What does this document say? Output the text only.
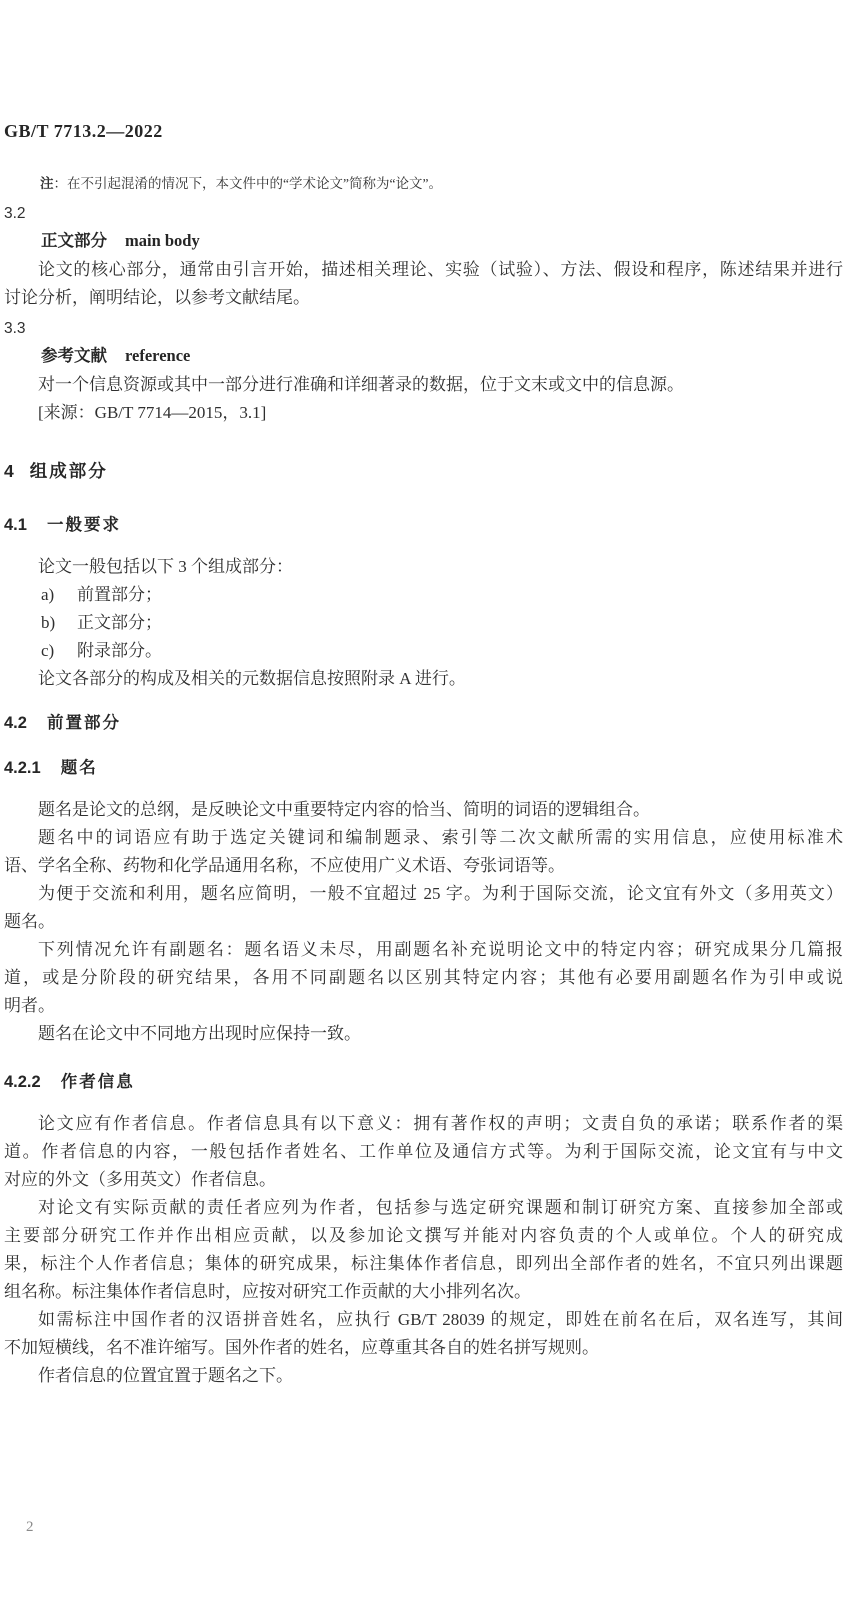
GB/T 7713.2—2022
注：在不引起混淆的情况下，本文件中的“学术论文”简称为“论文”。
3.2
正文部分 main body
论文的核心部分，通常由引言开始，描述相关理论、实验（试验）、方法、假设和程序，陈述结果并进行
讨论分析，阐明结论，以参考文献结尾。
3.3
参考文献 reference
对一个信息资源或其中一部分进行准确和详细著录的数据，位于文末或文中的信息源。
[来源：GB/T 7714—2015，3.1]
4 组成部分
4.1 一般要求
论文一般包括以下 3 个组成部分：
a) 前置部分；
b) 正文部分；
c) 附录部分。
论文各部分的构成及相关的元数据信息按照附录 A 进行。
4.2 前置部分
4.2.1 题名
题名是论文的总纲，是反映论文中重要特定内容的恰当、简明的词语的逻辑组合。
题名中的词语应有助于选定关键词和编制题录、索引等二次文献所需的实用信息，应使用标准术
语、学名全称、药物和化学品通用名称，不应使用广义术语、夸张词语等。
为便于交流和利用，题名应简明，一般不宜超过 25 字。为利于国际交流，论文宜有外文（多用英文）
题名。
下列情况允许有副题名：题名语义未尽，用副题名补充说明论文中的特定内容；研究成果分几篇报
道，或是分阶段的研究结果，各用不同副题名以区别其特定内容；其他有必要用副题名作为引申或说
明者。
题名在论文中不同地方出现时应保持一致。
4.2.2 作者信息
论文应有作者信息。作者信息具有以下意义：拥有著作权的声明；文责自负的承诺；联系作者的渠
道。作者信息的内容，一般包括作者姓名、工作单位及通信方式等。为利于国际交流，论文宜有与中文
对应的外文（多用英文）作者信息。
对论文有实际贡献的责任者应列为作者，包括参与选定研究课题和制订研究方案、直接参加全部或
主要部分研究工作并作出相应贡献，以及参加论文撰写并能对内容负责的个人或单位。个人的研究成
果，标注个人作者信息；集体的研究成果，标注集体作者信息，即列出全部作者的姓名，不宜只列出课题
组名称。标注集体作者信息时，应按对研究工作贡献的大小排列名次。
如需标注中国作者的汉语拼音姓名，应执行 GB/T 28039 的规定，即姓在前名在后，双名连写，其间
不加短横线，名不准许缩写。国外作者的姓名，应尊重其各自的姓名拼写规则。
作者信息的位置宜置于题名之下。
2
